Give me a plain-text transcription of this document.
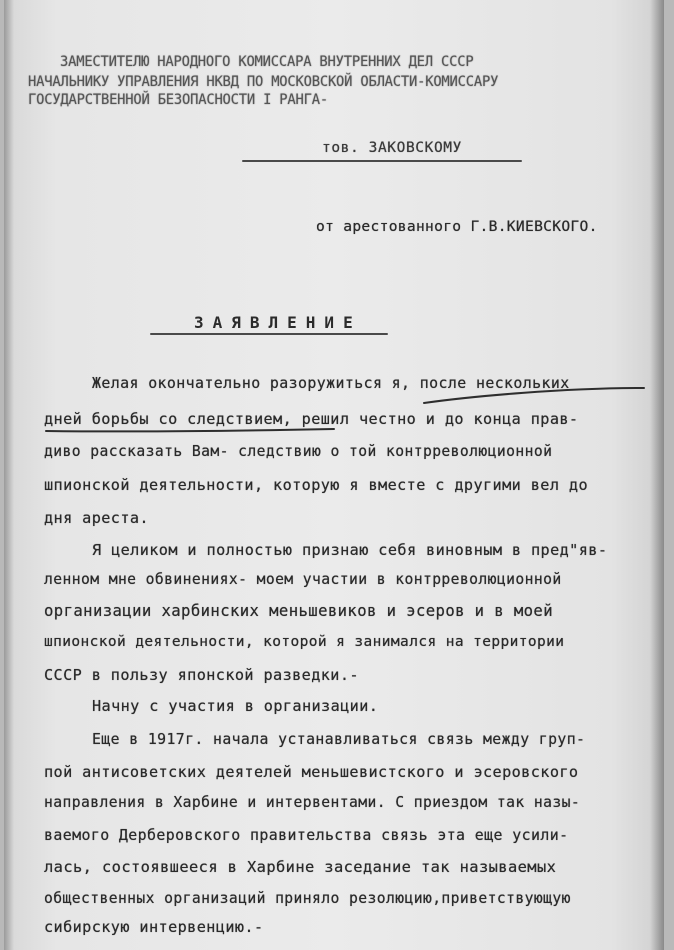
ЗАМЕСТИТЕЛЮ НАРОДНОГО КОМИССАРА ВНУТРЕННИХ ДЕЛ СССР
НАЧАЛЬНИКУ УПРАВЛЕНИЯ НКВД ПО МОСКОВСКОЙ ОБЛАСТИ-КОМИССАРУ
ГОСУДАРСТВЕННОЙ БЕЗОПАСНОСТИ I РАНГА-
тов. ЗАКОВСКОМУ
от арестованного Г.В.КИЕВСКОГО.
ЗАЯВЛЕНИЕ
Желая окончательно разоружиться я, после нескольких
дней борьбы со следствием, решил честно и до конца прав-
диво рассказать Вам- следствию о той контрреволюционной
шпионской деятельности, которую я вместе с другими вел до
дня ареста.
Я целиком и полностью признаю себя виновным в пред"яв-
ленном мне обвинениях- моем участии в контрреволюционной
организации харбинских меньшевиков и эсеров и в моей
шпионской деятельности, которой я занимался на территории
СССР в пользу японской разведки.-
Начну с участия в организации.
Еще в 1917г. начала устанавливаться связь между груп-
пой антисоветских деятелей меньшевистского и эсеровского
направления в Харбине и интервентами. С приездом так назы-
ваемого Дерберовского правительства связь эта еще усили-
лась, состоявшееся в Харбине заседание так называемых
общественных организаций приняло резолюцию,приветствующую
сибирскую интервенцию.-
